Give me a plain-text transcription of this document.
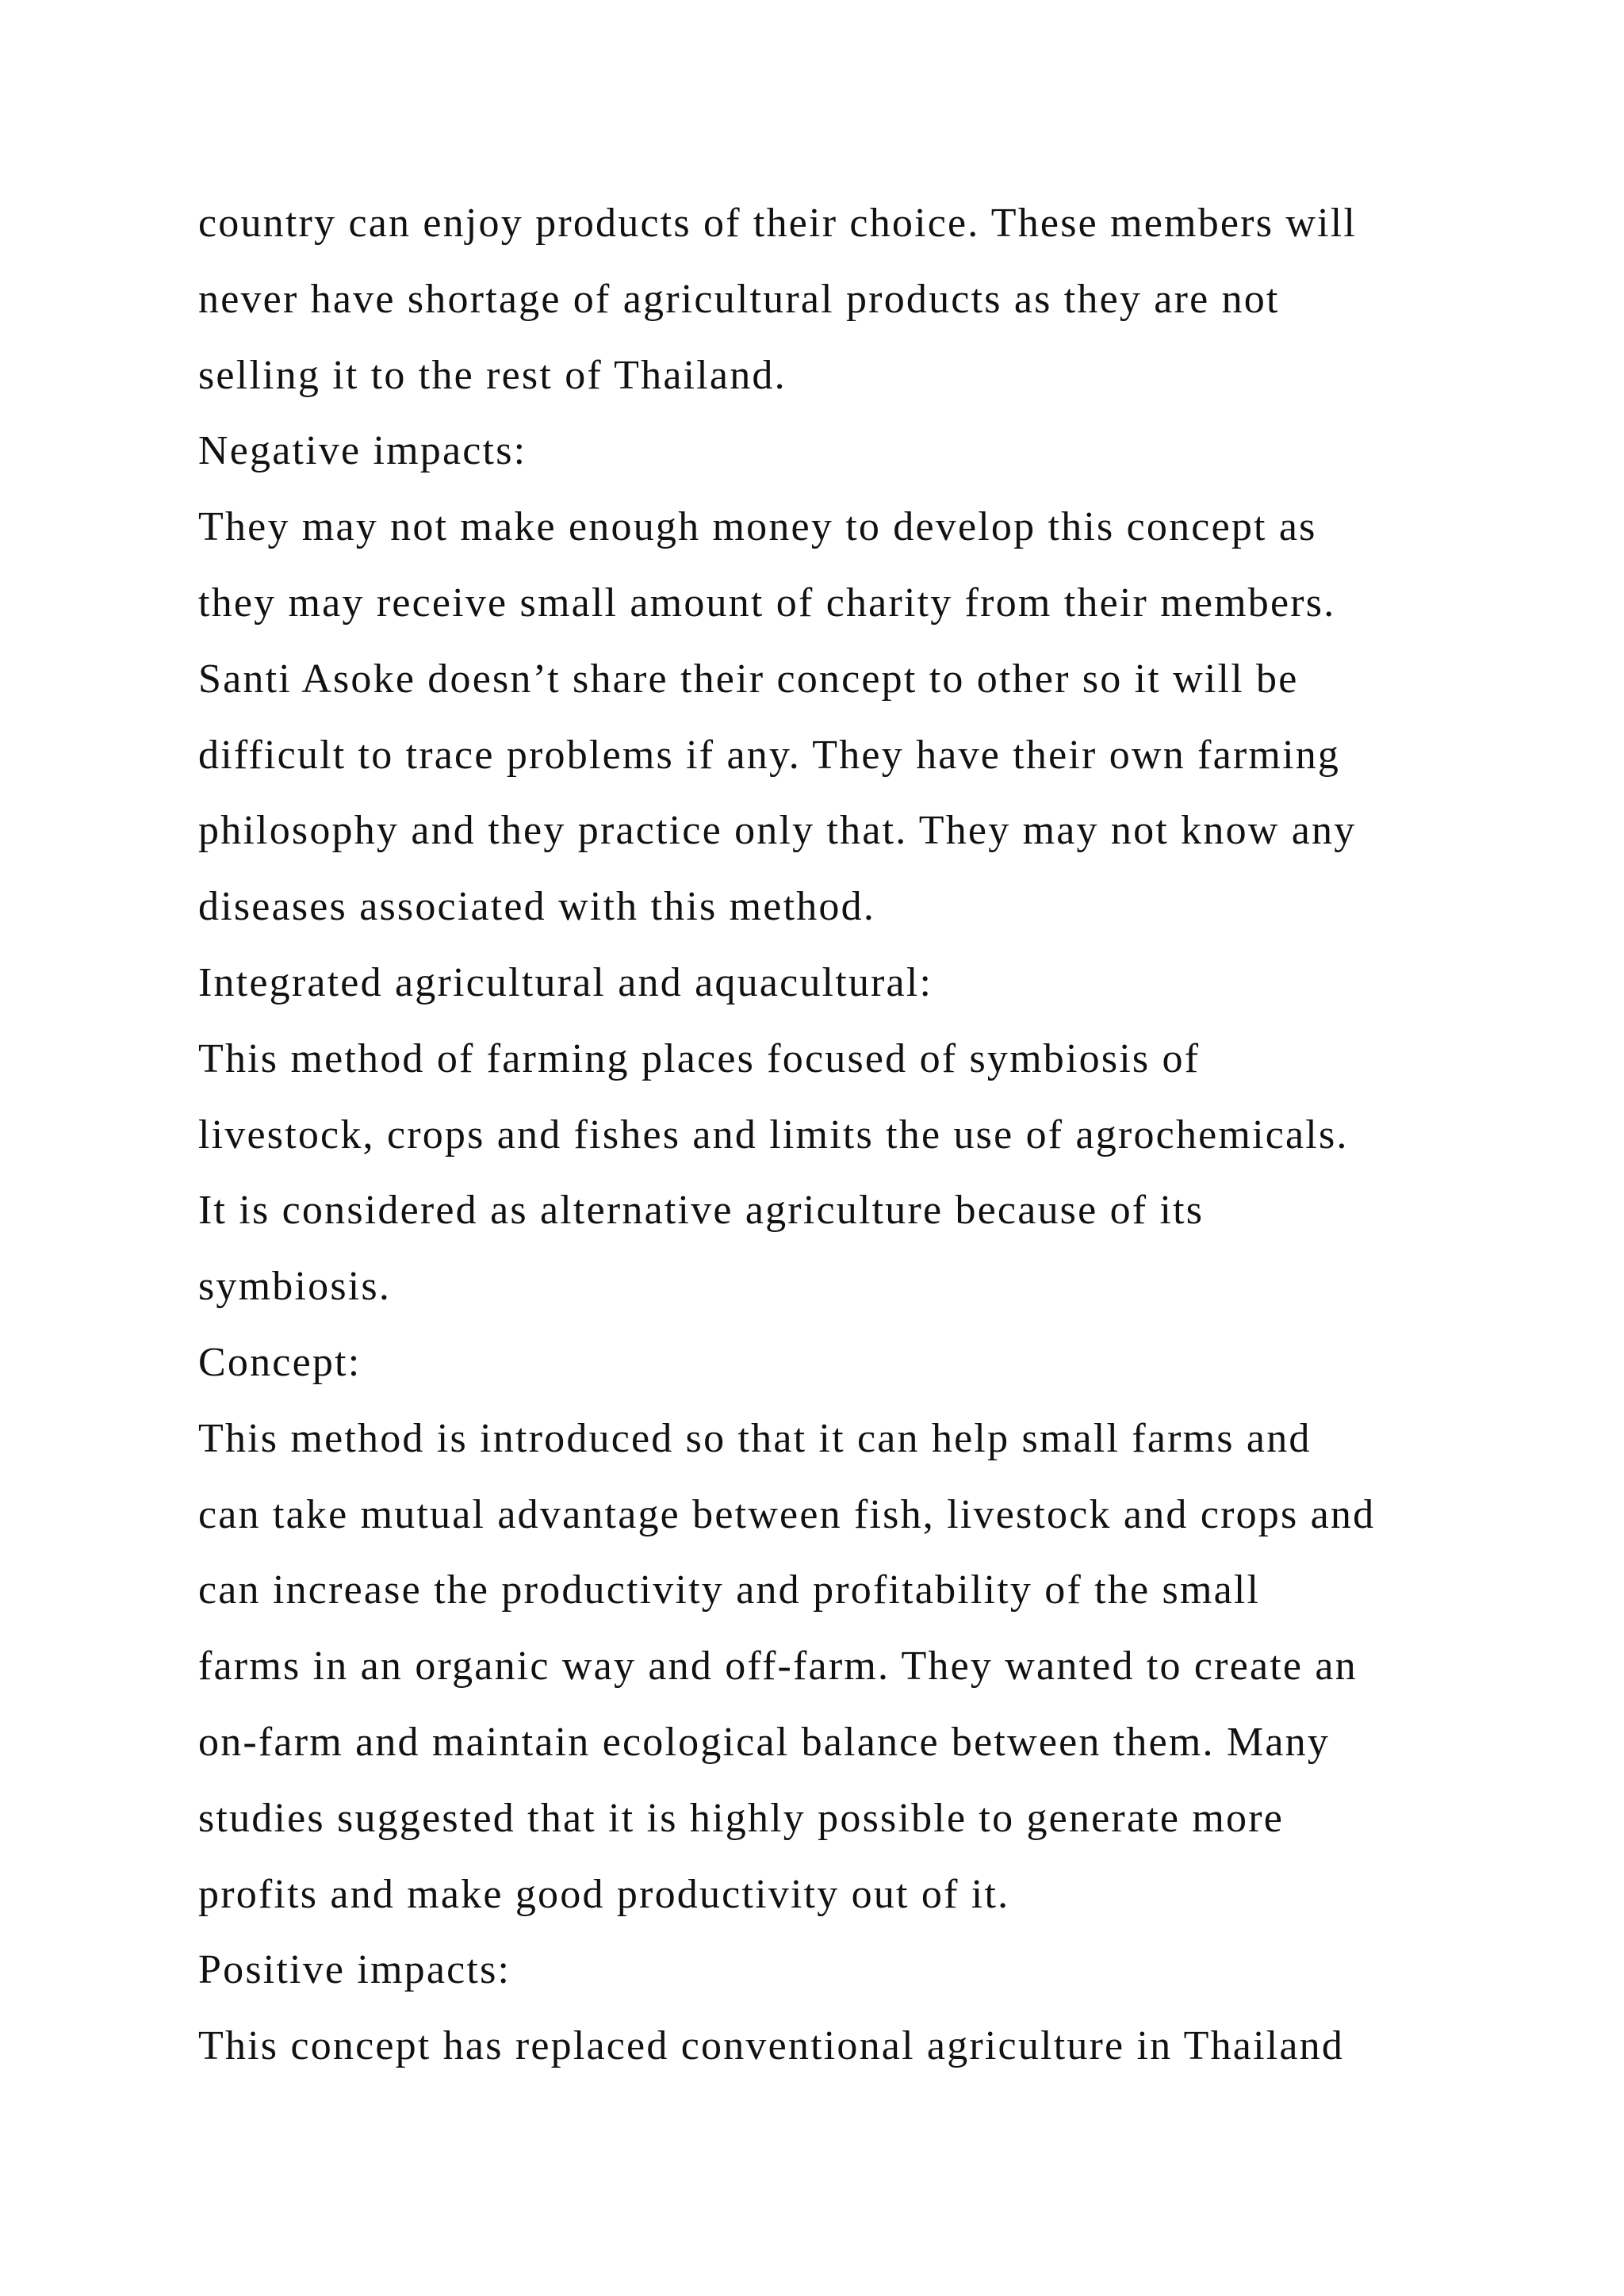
country can enjoy products of their choice. These members will
never have shortage of agricultural products as they are not
selling it to the rest of Thailand.
Negative impacts:
They may not make enough money to develop this concept as
they may receive small amount of charity from their members.
Santi Asoke doesn’t share their concept to other so it will be
difficult to trace problems if any. They have their own farming
philosophy and they practice only that. They may not know any
diseases associated with this method.
Integrated agricultural and aquacultural:
This method of farming places focused of symbiosis of
livestock, crops and fishes and limits the use of agrochemicals.
It is considered as alternative agriculture because of its
symbiosis.
Concept:
This method is introduced so that it can help small farms and
can take mutual advantage between fish, livestock and crops and
can increase the productivity and profitability of the small
farms in an organic way and off-farm. They wanted to create an
on-farm and maintain ecological balance between them. Many
studies suggested that it is highly possible to generate more
profits and make good productivity out of it.
Positive impacts:
This concept has replaced conventional agriculture in Thailand
